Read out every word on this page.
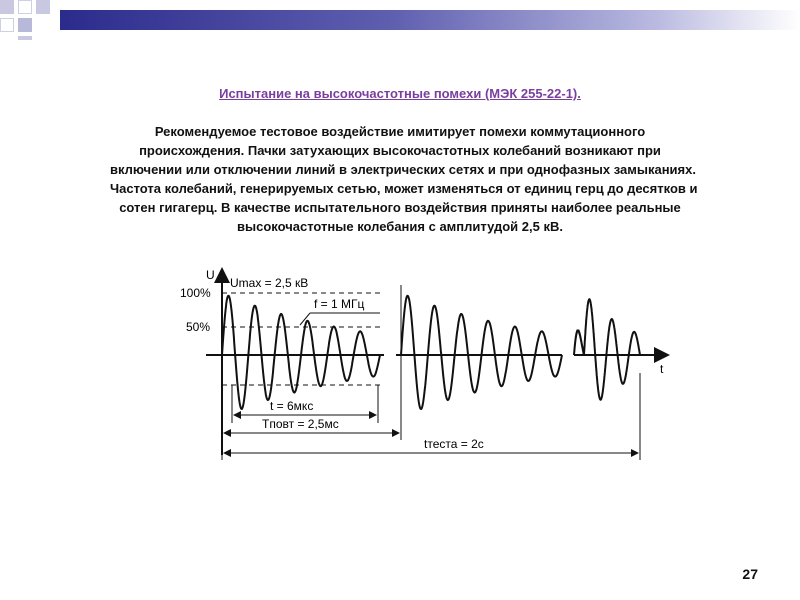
Испытание на высокочастотные помехи (МЭК 255-22-1).
Рекомендуемое тестовое воздействие имитирует помехи коммутационного
происхождения. Пачки затухающих высокочастотных колебаний возникают при
включении или отключении линий в электрических сетях и при однофазных замыканиях.
Частота колебаний, генерируемых сетью, может изменяться от единиц герц до десятков и
сотен гигагерц. В качестве испытательного воздействия приняты наиболее реальные
высокочастотные колебания с амплитудой 2,5 кВ.
U
t
100%
50%
Umax = 2,5 кВ
f = 1 МГц
t = 6мкс
Tповт = 2,5мс
tтеста = 2с
27
